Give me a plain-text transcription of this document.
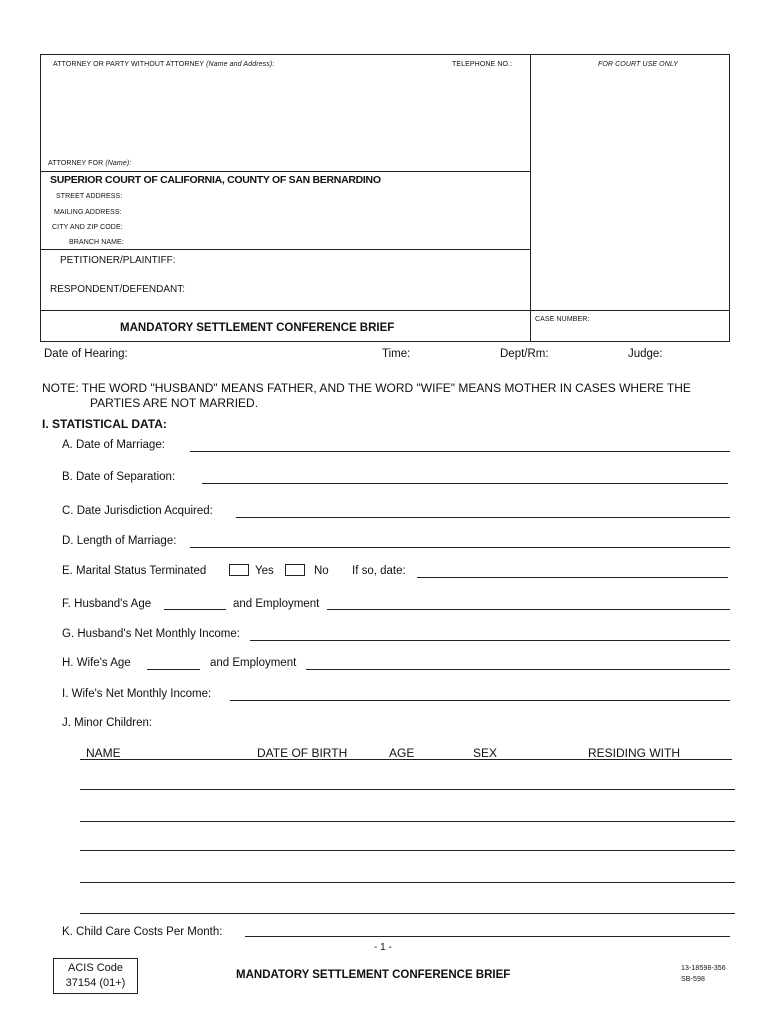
ATTORNEY OR PARTY WITHOUT ATTORNEY (Name and Address):	TELEPHONE NO.:	FOR COURT USE ONLY
ATTORNEY FOR (Name):
SUPERIOR COURT OF CALIFORNIA, COUNTY OF SAN BERNARDINO
STREET ADDRESS:
MAILING ADDRESS:
CITY AND ZIP CODE:
BRANCH NAME:
PETITIONER/PLAINTIFF:
RESPONDENT/DEFENDANT:
MANDATORY SETTLEMENT CONFERENCE BRIEF
CASE NUMBER:
Date of Hearing:	Time:	Dept/Rm:	Judge:
NOTE: THE WORD "HUSBAND" MEANS FATHER, AND THE WORD "WIFE" MEANS MOTHER IN CASES WHERE THE
PARTIES ARE NOT MARRIED.
I. STATISTICAL DATA:
A. Date of Marriage:
B. Date of Separation:
C. Date Jurisdiction Acquired:
D. Length of Marriage:
E. Marital Status Terminated	Yes	No If so, date:
F. Husband's Age	and Employment
G. Husband's Net Monthly Income:
H. Wife's Age	and Employment
I. Wife's Net Monthly Income:
J. Minor Children:
NAME	DATE OF BIRTH	AGE	SEX	RESIDING WITH
K. Child Care Costs Per Month:
- 1 -
ACIS Code
37154 (01+)
MANDATORY SETTLEMENT CONFERENCE BRIEF
13-18598-356
SB-598
